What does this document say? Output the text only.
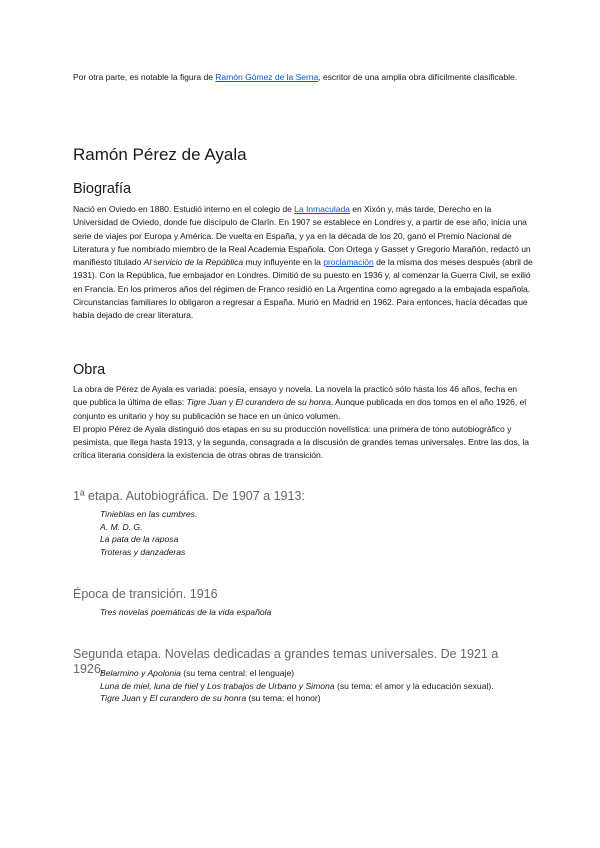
Por otra parte, es notable la figura de Ramón Gómez de la Serna, escritor de una amplia obra difícilmente clasificable.

Ramón Pérez de Ayala
Biografía

Nació en Oviedo en 1880. Estudió interno en el colegio de La Inmaculada en Xixón y, más tarde, Derecho en la Universidad de Oviedo, donde fue discípulo de Clarín. En 1907 se establece en Londres y, a partir de ese año, inicia una serie de viajes por Europa y América. De vuelta en España, y ya en la década de los 20, ganó el Premio Nacional de Literatura y fue nombrado miembro de la Real Academia Española. Con Ortega y Gasset y Gregorio Marañón, redactó un manifiesto titulado Al servicio de la República muy influyente en la proclamación de la misma dos meses después (abril de 1931). Con la República, fue embajador en Londres. Dimitió de su puesto en 1936 y, al comenzar la Guerra Civil, se exilió en Francia. En los primeros años del régimen de Franco residió en La Argentina como agregado a la embajada española. Circunstancias familiares lo obligaron a regresar a España. Murió en Madrid en 1962. Para entonces, hacía décadas que había dejado de crear literatura.

Obra

La obra de Pérez de Ayala es variada: poesía, ensayo y novela. La novela la practicó sólo hasta los 46 años, fecha en que publica la última de ellas: Tigre Juan y El curandero de su honra. Aunque publicada en dos tomos en el año 1926, el conjunto es unitario y hoy su publicación se hace en un único volumen.

El propio Pérez de Ayala distinguió dos etapas en su su producción novelística: una primera de tono autobiográfico y pesimista, que llega hasta 1913, y la segunda, consagrada a la discusión de grandes temas universales. Entre las dos, la crítica literaria considera la existencia de otras obras de transición.

1ª etapa. Autobiográfica. De 1907 a 1913:
Tinieblas en las cumbres.
A. M. D. G.
La pata de la raposa
Troteras y danzaderas
Época de transición. 1916
Tres novelas poemáticas de la vida española
Segunda etapa. Novelas dedicadas a grandes temas universales. De 1921 a 1926.
Belarmino y Apolonia (su tema central: el lenguaje)
Luna de miel, luna de hiel y Los trabajos de Urbano y Simona (su tema: el amor y la educación sexual).
Tigre Juan y El curandero de su honra (su tema: el honor)
